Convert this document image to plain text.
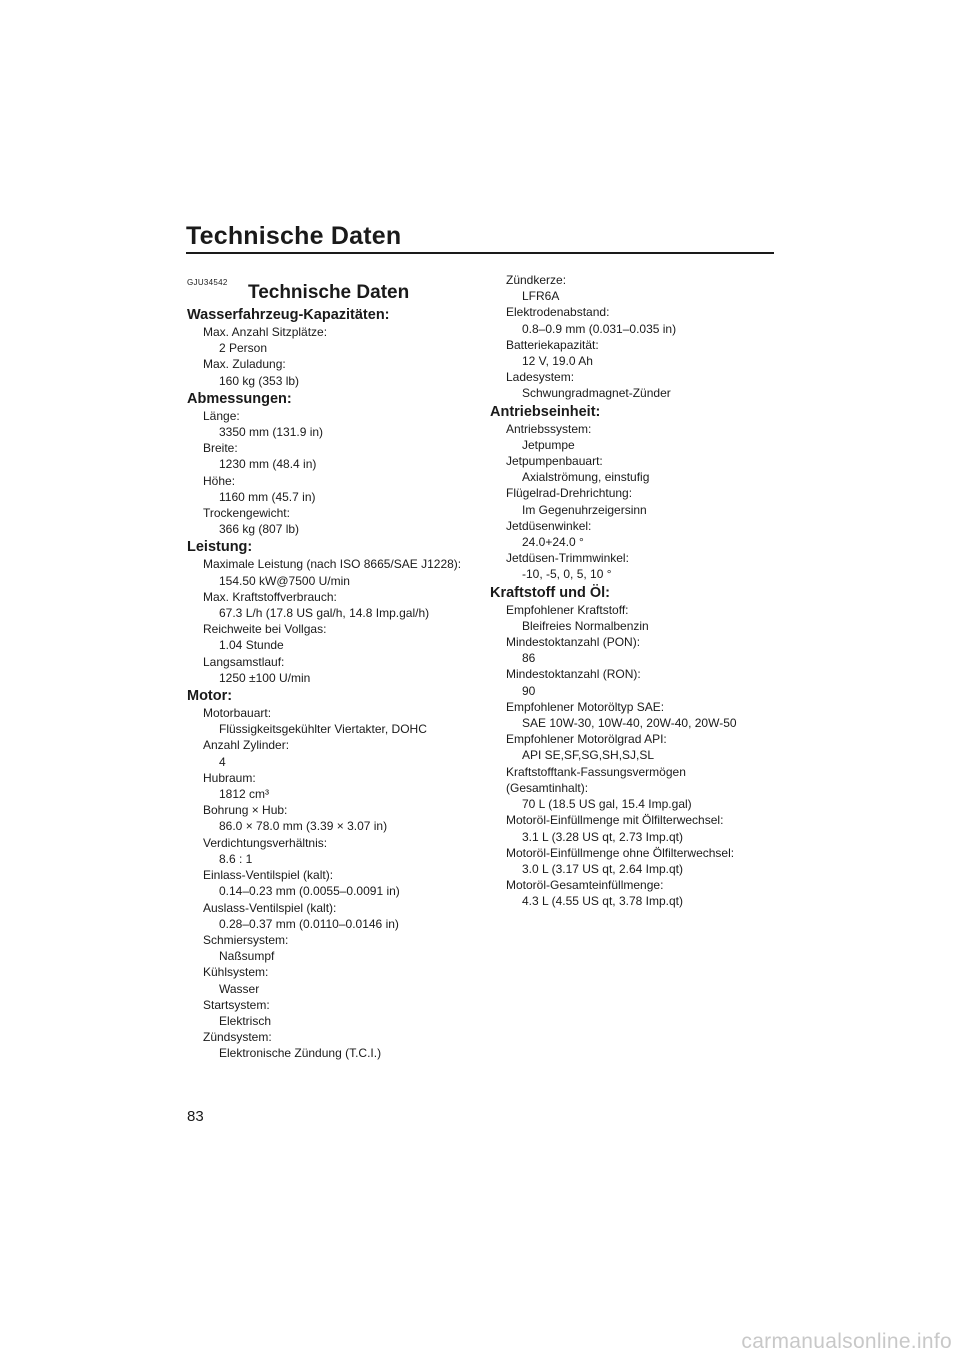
Technische Daten
GJU34542 Technische Daten
Wasserfahrzeug-Kapazitäten:
Max. Anzahl Sitzplätze:
2 Person
Max. Zuladung:
160 kg (353 lb)
Abmessungen:
Länge:
3350 mm (131.9 in)
Breite:
1230 mm (48.4 in)
Höhe:
1160 mm (45.7 in)
Trockengewicht:
366 kg (807 lb)
Leistung:
Maximale Leistung (nach ISO 8665/SAE J1228):
154.50 kW@7500 U/min
Max. Kraftstoffverbrauch:
67.3 L/h (17.8 US gal/h, 14.8 Imp.gal/h)
Reichweite bei Vollgas:
1.04 Stunde
Langsamstlauf:
1250 ±100 U/min
Motor:
Motorbauart:
Flüssigkeitsgekühlter Viertakter, DOHC
Anzahl Zylinder:
4
Hubraum:
1812 cm³
Bohrung × Hub:
86.0 × 78.0 mm (3.39 × 3.07 in)
Verdichtungsverhältnis:
8.6 : 1
Einlass-Ventilspiel (kalt):
0.14–0.23 mm (0.0055–0.0091 in)
Auslass-Ventilspiel (kalt):
0.28–0.37 mm (0.0110–0.0146 in)
Schmiersystem:
Naßsumpf
Kühlsystem:
Wasser
Startsystem:
Elektrisch
Zündsystem:
Elektronische Zündung (T.C.I.)
Zündkerze:
LFR6A
Elektrodenabstand:
0.8–0.9 mm (0.031–0.035 in)
Batteriekapazität:
12 V, 19.0 Ah
Ladesystem:
Schwungradmagnet-Zünder
Antriebseinheit:
Antriebssystem:
Jetpumpe
Jetpumpenbauart:
Axialströmung, einstufig
Flügelrad-Drehrichtung:
Im Gegenuhrzeigersinn
Jetdüsenwinkel:
24.0+24.0 °
Jetdüsen-Trimmwinkel:
-10, -5, 0, 5, 10 °
Kraftstoff und Öl:
Empfohlener Kraftstoff:
Bleifreies Normalbenzin
Mindestoktanzahl (PON):
86
Mindestoktanzahl (RON):
90
Empfohlener Motoröltyp SAE:
SAE 10W-30, 10W-40, 20W-40, 20W-50
Empfohlener Motorölgrad API:
API SE,SF,SG,SH,SJ,SL
Kraftstofftank-Fassungsvermögen (Gesamtinhalt):
70 L (18.5 US gal, 15.4 Imp.gal)
Motoröl-Einfüllmenge mit Ölfilterwechsel:
3.1 L (3.28 US qt, 2.73 Imp.qt)
Motoröl-Einfüllmenge ohne Ölfilterwechsel:
3.0 L (3.17 US qt, 2.64 Imp.qt)
Motoröl-Gesamteinfüllmenge:
4.3 L (4.55 US qt, 3.78 Imp.qt)
83
carmanualsonline.info
